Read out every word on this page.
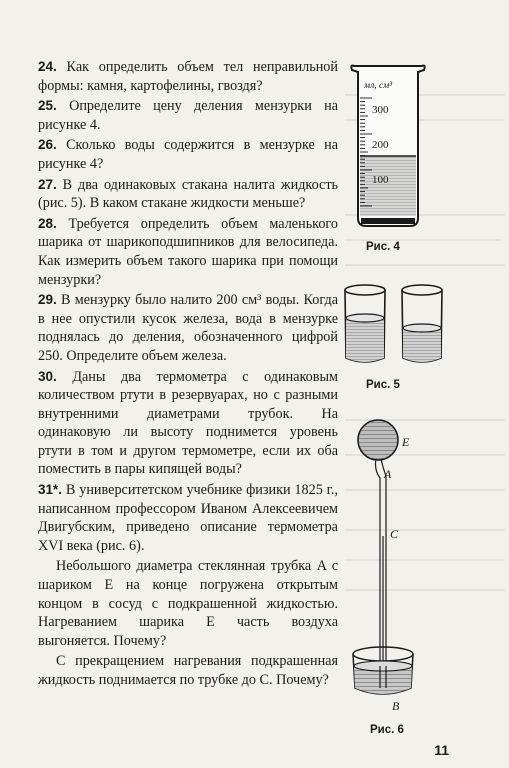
24. Как определить объем тел неправильной формы: камня, картофелины, гвоздя?

25. Определите цену деления мензурки на рисунке 4.

26. Сколько воды содержится в мензурке на рисунке 4?

27. В два одинаковых стакана налита жидкость (рис. 5). В каком стакане жидкости меньше?

28. Требуется определить объем маленького шарика от шарикоподшипников для велосипеда. Как измерить объем такого шарика при помощи мензурки?

29. В мензурку было налито 200 см³ воды. Когда в нее опустили кусок железа, вода в мензурке поднялась до деления, обозначенного цифрой 250. Определите объем железа.

30. Даны два термометра с одинаковым количеством ртути в резервуарах, но с разными внутренними диаметрами трубок. На одинаковую ли высоту поднимется уровень ртути в том и другом термометре, если их оба поместить в пары кипящей воды?

31*. В университетском учебнике физики 1825 г., написанном профессором Иваном Алексеевичем Двигубским, приведено описание термометра XVI века (рис. 6).

Небольшого диаметра стеклянная трубка A с шариком E на конце погружена открытым концом в сосуд с подкрашенной жидкостью. Нагреванием шарика E часть воздуха выгоняется. Почему?

С прекращением нагревания подкрашенная жидкость поднимается по трубке до C. Почему?

мл, см³
300
200
100
Рис. 4
Рис. 5
E
A
C
B
Рис. 6
11
